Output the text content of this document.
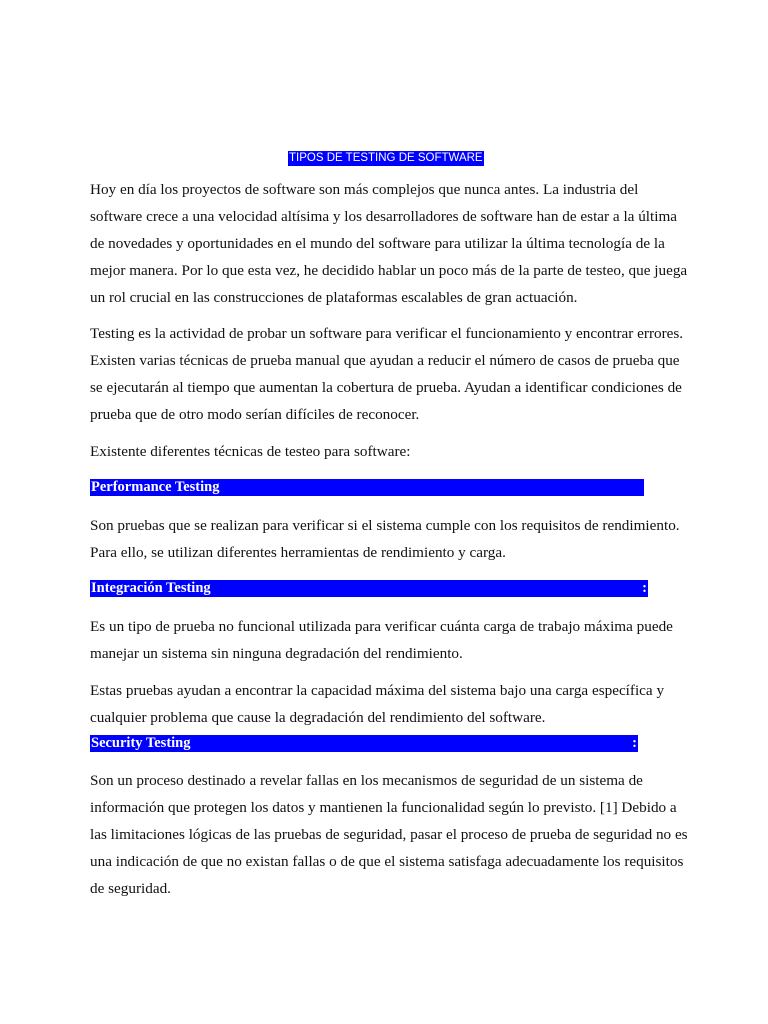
TIPOS DE TESTING DE SOFTWARE

Hoy en día los proyectos de software son más complejos que nunca antes. La industria del software crece a una velocidad altísima y los desarrolladores de software han de estar a la última de novedades y oportunidades en el mundo del software para utilizar la última tecnología de la mejor manera. Por lo que esta vez, he decidido hablar un poco más de la parte de testeo, que juega un rol crucial en las construcciones de plataformas escalables de gran actuación.

Testing es la actividad de probar un software para verificar el funcionamiento y encontrar errores. Existen varias técnicas de prueba manual que ayudan a reducir el número de casos de prueba que se ejecutarán al tiempo que aumentan la cobertura de prueba. Ayudan a identificar condiciones de prueba que de otro modo serían difíciles de reconocer.

Existente diferentes técnicas de testeo para software:

Performance Testing

Son pruebas que se realizan para verificar si el sistema cumple con los requisitos de rendimiento. Para ello, se utilizan diferentes herramientas de rendimiento y carga.

Integración Testing	:

Es un tipo de prueba no funcional utilizada para verificar cuánta carga de trabajo máxima puede manejar un sistema sin ninguna degradación del rendimiento.

Estas pruebas ayudan a encontrar la capacidad máxima del sistema bajo una carga específica y cualquier problema que cause la degradación del rendimiento del software.

Security Testing	:

Son un proceso destinado a revelar fallas en los mecanismos de seguridad de un sistema de información que protegen los datos y mantienen la funcionalidad según lo previsto. [1] Debido a las limitaciones lógicas de las pruebas de seguridad, pasar el proceso de prueba de seguridad no es una indicación de que no existan fallas o de que el sistema satisfaga adecuadamente los requisitos de seguridad.
